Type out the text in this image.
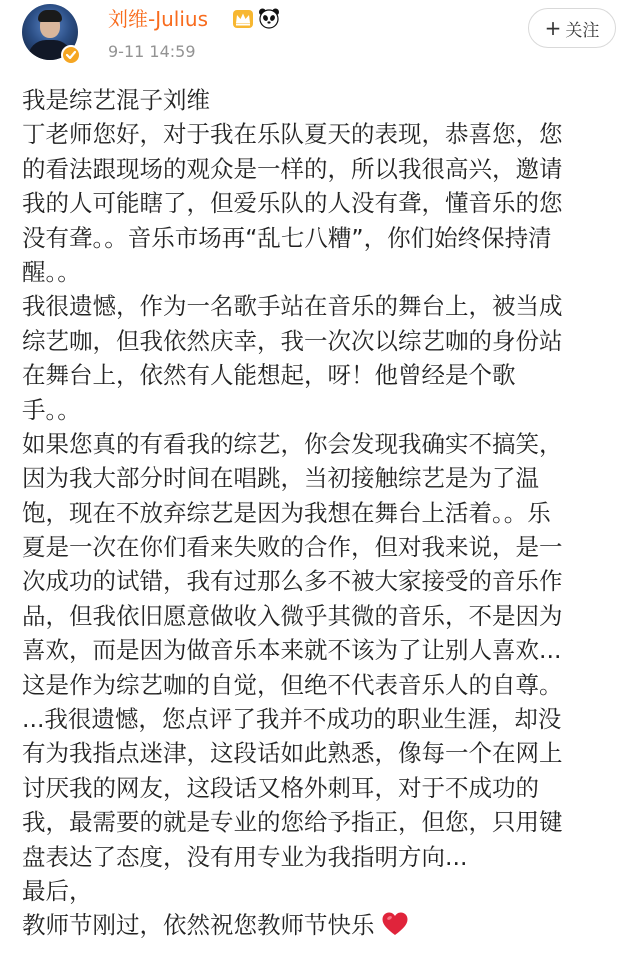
刘维-Julius
9-11 14:59
+ 关注
我是综艺混子刘维
丁老师您好，对于我在乐队夏天的表现，恭喜您，您
的看法跟现场的观众是一样的，所以我很高兴，邀请
我的人可能瞎了，但爱乐队的人没有聋，懂音乐的您
没有聋。。音乐市场再“乱七八糟”，你们始终保持清
醒。。
我很遗憾，作为一名歌手站在音乐的舞台上，被当成
综艺咖，但我依然庆幸，我一次次以综艺咖的身份站
在舞台上，依然有人能想起，呀！他曾经是个歌
手。。
如果您真的有看我的综艺，你会发现我确实不搞笑，
因为我大部分时间在唱跳，当初接触综艺是为了温
饱，现在不放弃综艺是因为我想在舞台上活着。。乐
夏是一次在你们看来失败的合作，但对我来说，是一
次成功的试错，我有过那么多不被大家接受的音乐作
品，但我依旧愿意做收入微乎其微的音乐，不是因为
喜欢，而是因为做音乐本来就不该为了让别人喜欢...
这是作为综艺咖的自觉，但绝不代表音乐人的自尊。
...我很遗憾，您点评了我并不成功的职业生涯，却没
有为我指点迷津，这段话如此熟悉，像每一个在网上
讨厌我的网友，这段话又格外刺耳，对于不成功的
我，最需要的就是专业的您给予指正，但您，只用键
盘表达了态度，没有用专业为我指明方向...
最后，
教师节刚过，依然祝您教师节快乐
